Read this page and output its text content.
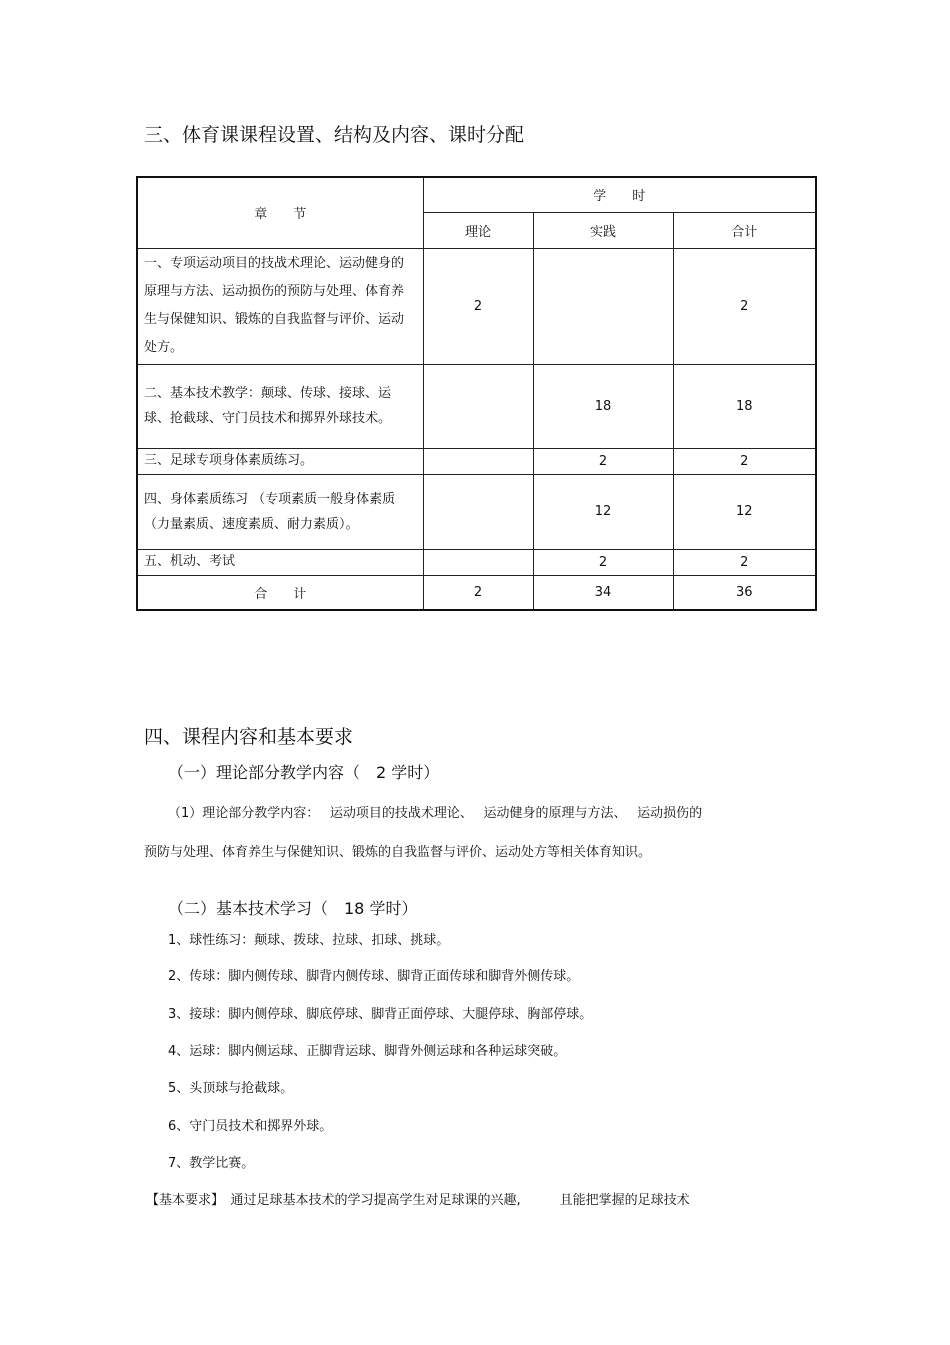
三、体育课课程设置、结构及内容、课时分配
章　　节	学　　时		
	理论	实践	合计
一、专项运动项目的技战术理论、运动健身的原理与方法、运动损伤的预防与处理、体育养生与保健知识、锻炼的自我监督与评价、运动处方。	2		2
二、基本技术教学：颠球、传球、接球、运球、抢截球、守门员技术和掷界外球技术。		18	18
三、足球专项身体素质练习。		2	2
四、身体素质练习 （专项素质一般身体素质（力量素质、速度素质、耐力素质）。		12	12
五、机动、考试		2	2
合　　计	2	34	36
四、课程内容和基本要求
（一）理论部分教学内容（　2 学时）
（1）理论部分教学内容：　 运动项目的技战术理论、　 运动健身的原理与方法、　 运动损伤的
预防与处理、体育养生与保健知识、锻炼的自我监督与评价、运动处方等相关体育知识。
（二）基本技术学习（　18 学时）
1、球性练习：颠球、拨球、拉球、扣球、挑球。
2、传球：脚内侧传球、脚背内侧传球、脚背正面传球和脚背外侧传球。
3、接球：脚内侧停球、脚底停球、脚背正面停球、大腿停球、胸部停球。
4、运球：脚内侧运球、正脚背运球、脚背外侧运球和各种运球突破。
5、头顶球与抢截球。
6、守门员技术和掷界外球。
7、教学比赛。
【基本要求】　通过足球基本技术的学习提高学生对足球课的兴趣,　　　且能把掌握的足球技术
